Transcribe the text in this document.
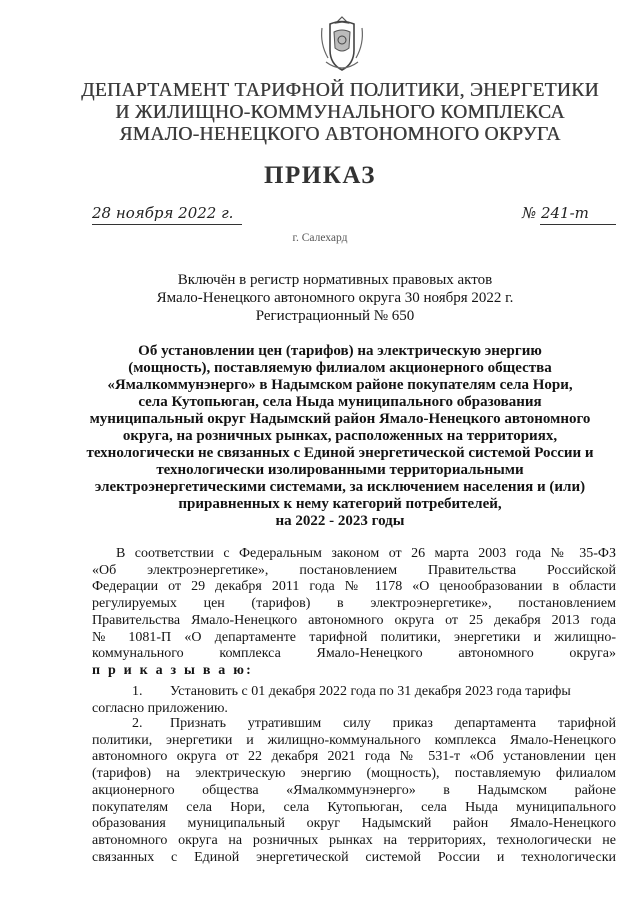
ДЕПАРТАМЕНТ ТАРИФНОЙ ПОЛИТИКИ, ЭНЕРГЕТИКИ
И ЖИЛИЩНО-КОММУНАЛЬНОГО КОМПЛЕКСА
ЯМАЛО-НЕНЕЦКОГО АВТОНОМНОГО ОКРУГА
ПРИКАЗ
28 ноября 2022 г.	№ 241-т
г. Салехард
Включён в регистр нормативных правовых актов
Ямало-Ненецкого автономного округа 30 ноября 2022 г.
Регистрационный № 650
Об установлении цен (тарифов) на электрическую энергию
(мощность), поставляемую филиалом акционерного общества
«Ямалкоммунэнерго» в Надымском районе покупателям села Нори,
села Кутопьюган, села Ныда муниципального образования
муниципальный округ Надымский район Ямало-Ненецкого автономного
округа, на розничных рынках, расположенных на территориях,
технологически не связанных с Единой энергетической системой России и
технологически изолированными территориальными
электроэнергетическими системами, за исключением населения и (или)
приравненных к нему категорий потребителей,
на 2022 - 2023 годы
В соответствии с Федеральным законом от 26 марта 2003 года № 35-ФЗ
«Об электроэнергетике», постановлением Правительства Российской
Федерации от 29 декабря 2011 года № 1178 «О ценообразовании в области
регулируемых цен (тарифов) в электроэнергетике», постановлением
Правительства Ямало-Ненецкого автономного округа от 25 декабря 2013 года
№ 1081-П «О департаменте тарифной политики, энергетики и жилищно-
коммунального комплекса Ямало-Ненецкого автономного округа»
п р и к а з ы в а ю:
1.	Установить с 01 декабря 2022 года по 31 декабря 2023 года тарифы
согласно приложению.
2.	Признать утратившим силу приказ департамента тарифной
политики, энергетики и жилищно-коммунального комплекса Ямало-Ненецкого
автономного округа от 22 декабря 2021 года № 531-т «Об установлении цен
(тарифов) на электрическую энергию (мощность), поставляемую филиалом
акционерного общества «Ямалкоммунэнерго» в Надымском районе
покупателям села Нори, села Кутопьюган, села Ныда муниципального
образования муниципальный округ Надымский район Ямало-Ненецкого
автономного округа на розничных рынках на территориях, технологически не
связанных с Единой энергетической системой России и технологически
